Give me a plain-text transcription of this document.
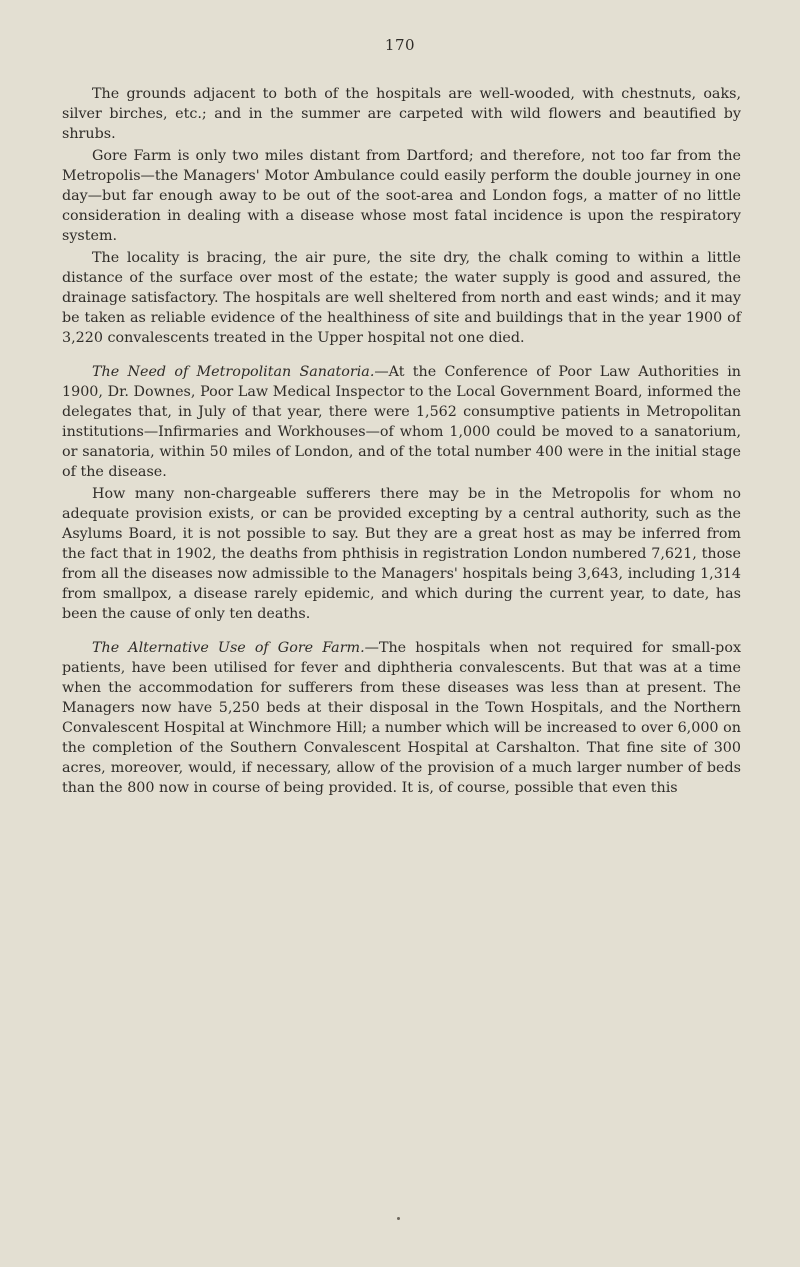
170

The grounds adjacent to both of the hospitals are well-wooded, with chestnuts, oaks, silver birches, etc.; and in the summer are carpeted with wild flowers and beautified by shrubs.

Gore Farm is only two miles distant from Dartford; and therefore, not too far from the Metropolis—the Managers' Motor Ambulance could easily perform the double journey in one day—but far enough away to be out of the soot-area and London fogs, a matter of no little consideration in dealing with a disease whose most fatal incidence is upon the respiratory system.

The locality is bracing, the air pure, the site dry, the chalk coming to within a little distance of the surface over most of the estate; the water supply is good and assured, the drainage satisfactory. The hospitals are well sheltered from north and east winds; and it may be taken as reliable evidence of the healthiness of site and buildings that in the year 1900 of 3,220 convalescents treated in the Upper hospital not one died.

The Need of Metropolitan Sanatoria.—At the Conference of Poor Law Authorities in 1900, Dr. Downes, Poor Law Medical Inspector to the Local Government Board, informed the delegates that, in July of that year, there were 1,562 consumptive patients in Metropolitan institutions—Infirmaries and Workhouses—of whom 1,000 could be moved to a sanatorium, or sanatoria, within 50 miles of London, and of the total number 400 were in the initial stage of the disease.

How many non-chargeable sufferers there may be in the Metropolis for whom no adequate provision exists, or can be provided excepting by a central authority, such as the Asylums Board, it is not possible to say. But they are a great host as may be inferred from the fact that in 1902, the deaths from phthisis in registration London numbered 7,621, those from all the diseases now admissible to the Managers' hospitals being 3,643, including 1,314 from smallpox, a disease rarely epidemic, and which during the current year, to date, has been the cause of only ten deaths.

The Alternative Use of Gore Farm.—The hospitals when not required for small-pox patients, have been utilised for fever and diphtheria convalescents. But that was at a time when the accommodation for sufferers from these diseases was less than at present. The Managers now have 5,250 beds at their disposal in the Town Hospitals, and the Northern Convalescent Hospital at Winchmore Hill; a number which will be increased to over 6,000 on the completion of the Southern Convalescent Hospital at Carshalton. That fine site of 300 acres, moreover, would, if necessary, allow of the provision of a much larger number of beds than the 800 now in course of being provided. It is, of course, possible that even this
